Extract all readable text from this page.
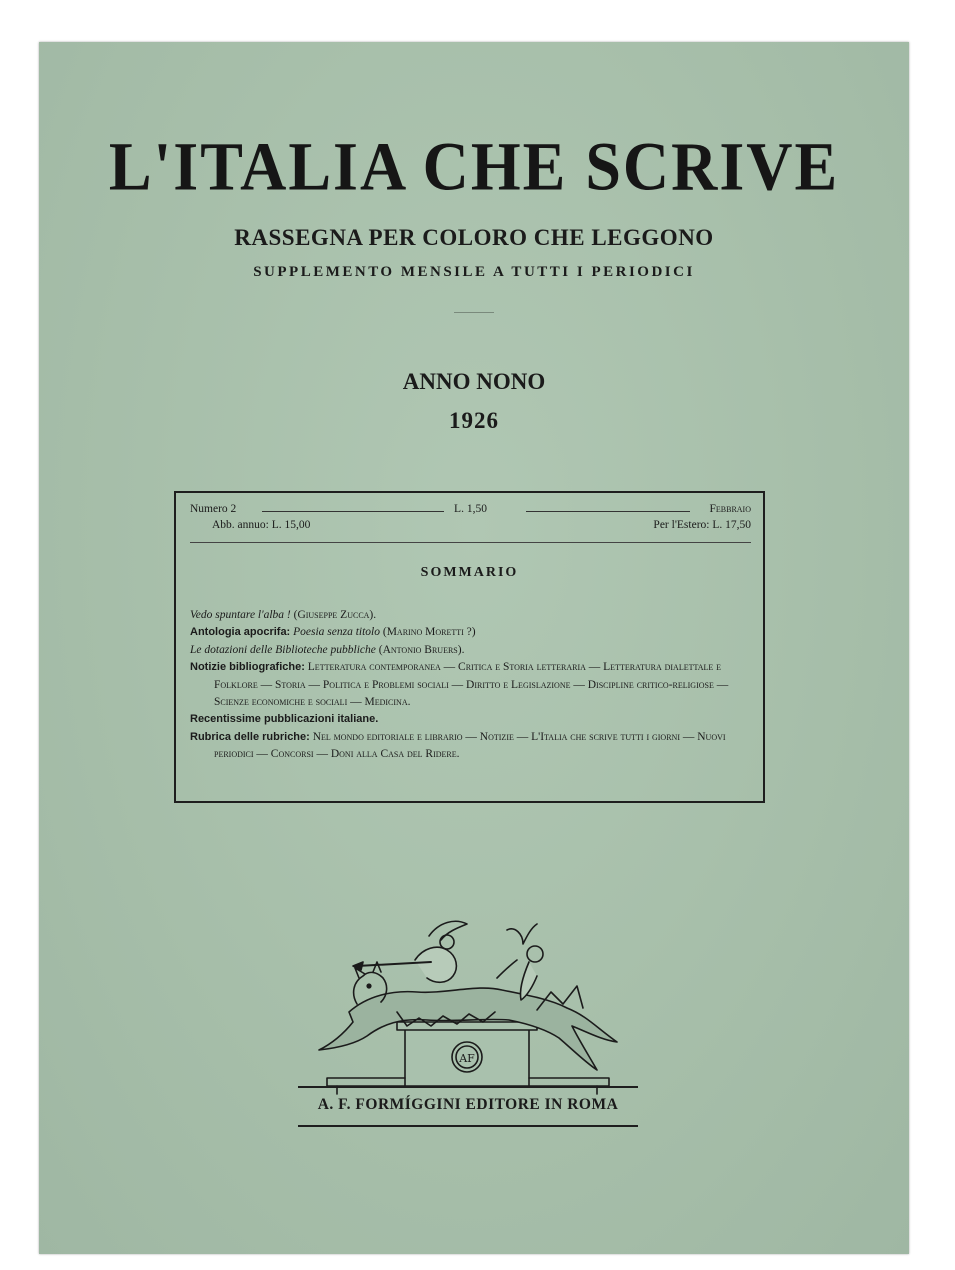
L'ITALIA CHE SCRIVE
RASSEGNA PER COLORO CHE LEGGONO
SUPPLEMENTO MENSILE A TUTTI I PERIODICI
ANNO NONO
1926
Numero 2	L. 1,50	Febbraio
Abb. annuo: L. 15,00	Per l'Estero: L. 17,50
SOMMARIO

Vedo spuntare l'alba ! (Giuseppe Zucca).

Antologia apocrifa: Poesia senza titolo (Marino Moretti ?)

Le dotazioni delle Biblioteche pubbliche (Antonio Bruers).

Notizie bibliografiche: Letteratura contemporanea — Critica e Storia letteraria — Letteratura dialettale e Folklore — Storia — Politica e Problemi sociali — Diritto e Legislazione — Discipline critico-religiose — Scienze economiche e sociali — Medicina.

Recentissime pubblicazioni italiane.

Rubrica delle rubriche: Nel mondo editoriale e librario — Notizie — L'Italia che scrive tutti i giorni — Nuovi periodici — Concorsi — Doni alla Casa del Ridere.

AF
A. F. FORMÍGGINI EDITORE IN ROMA
